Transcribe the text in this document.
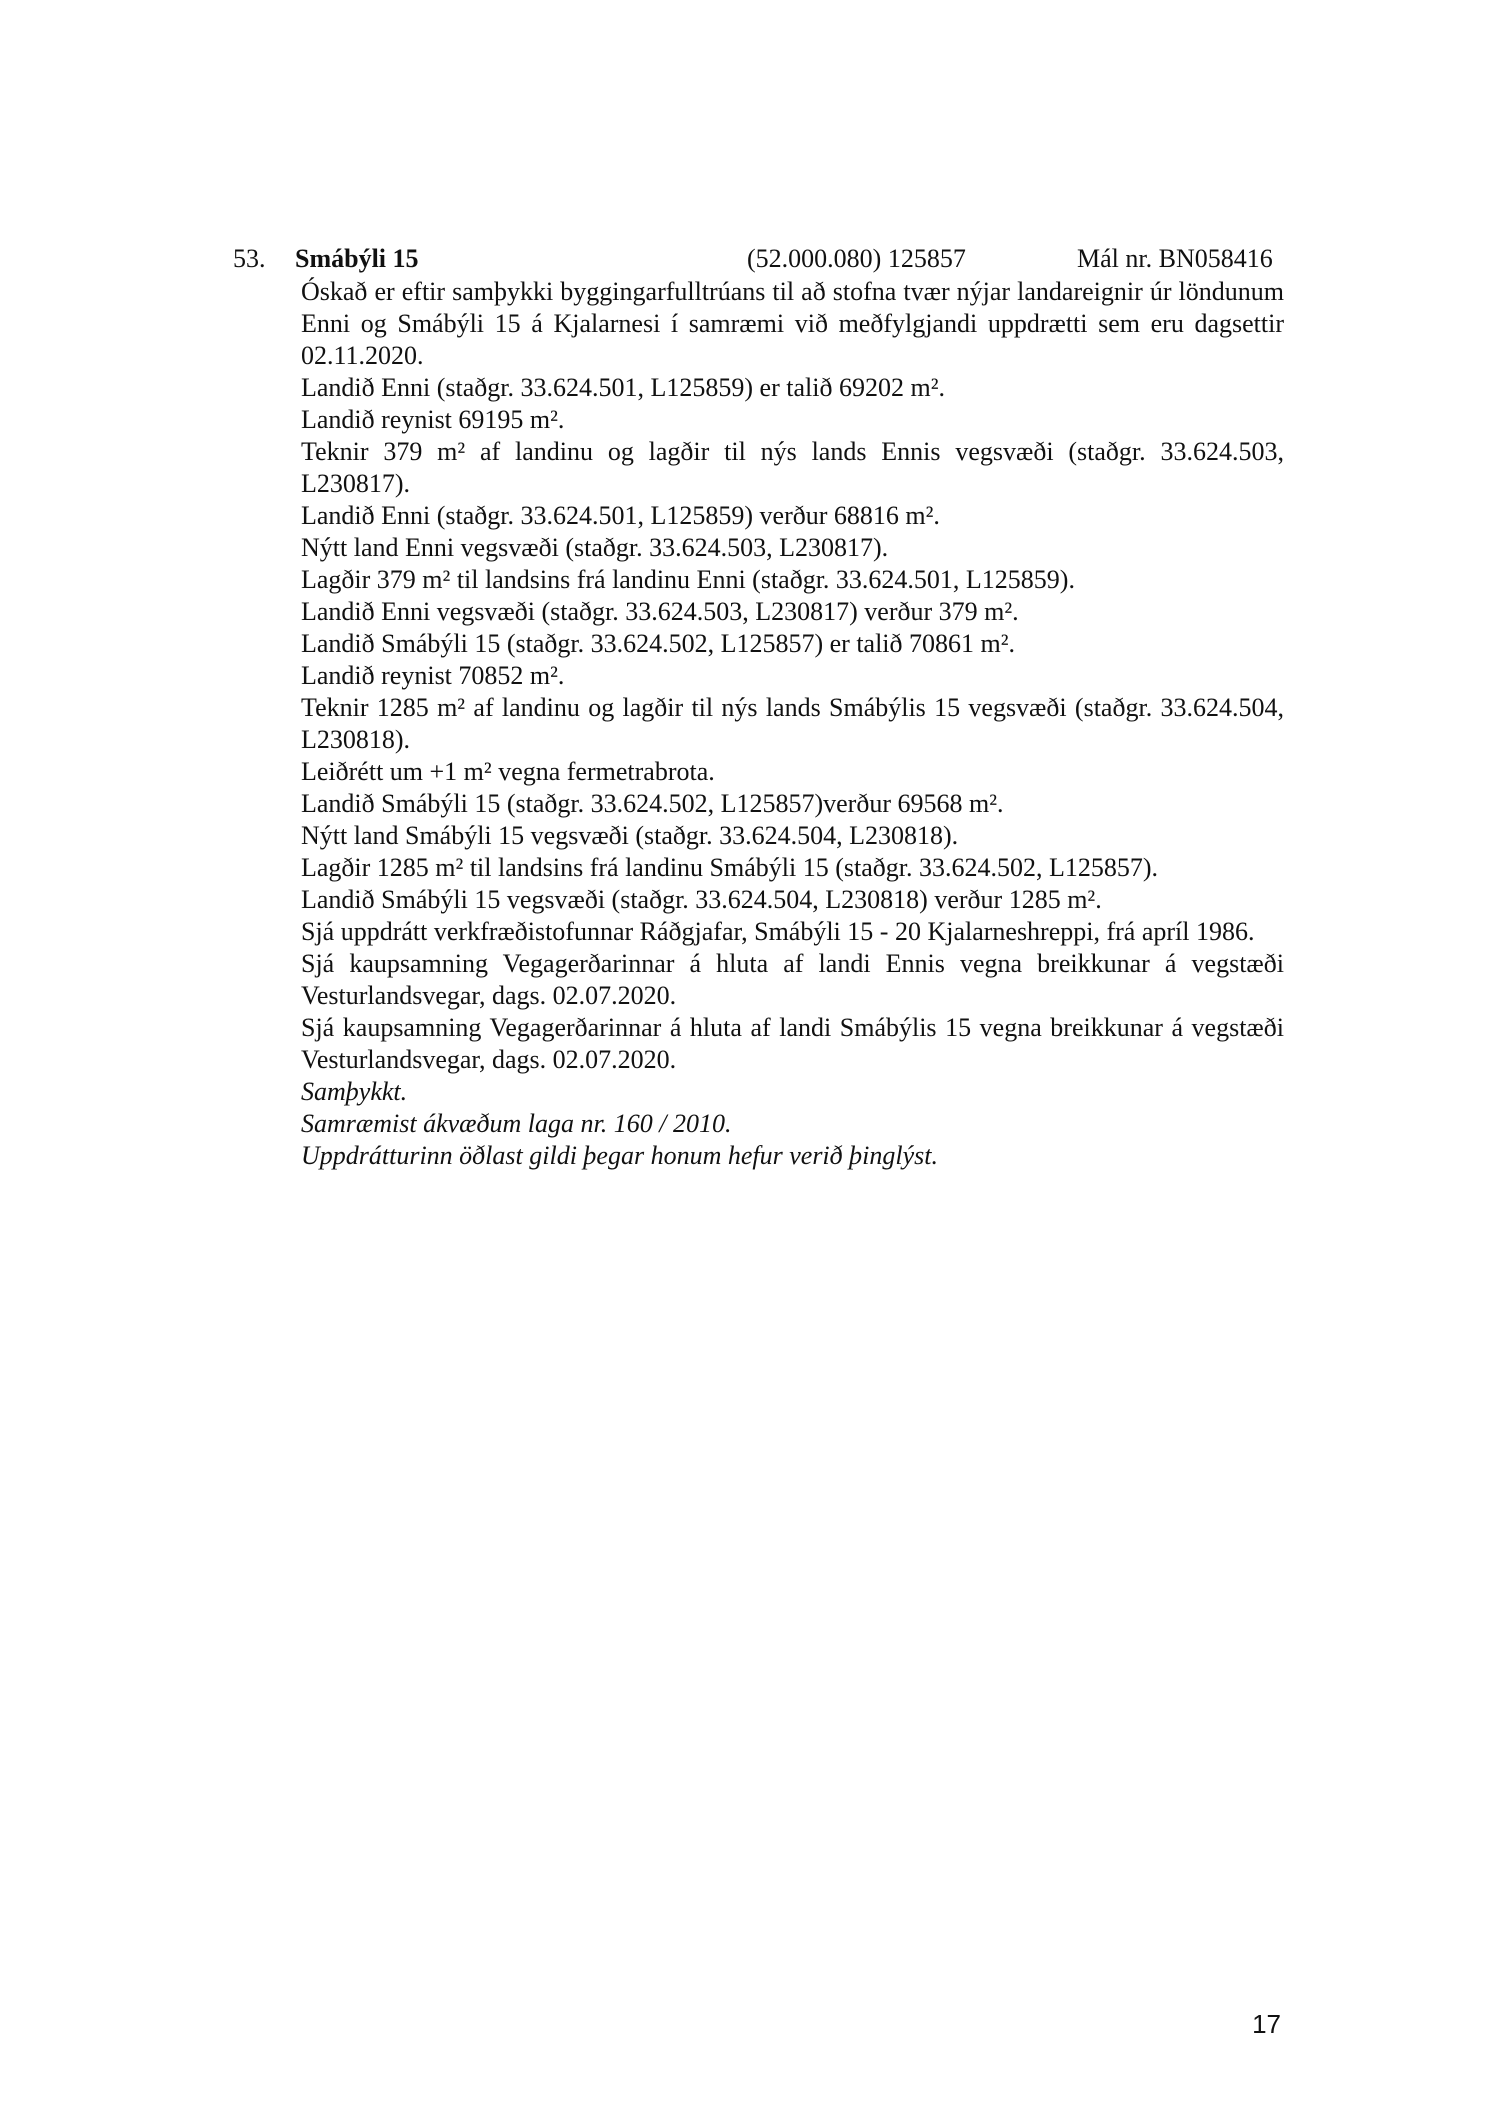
53. Smábýli 15	(52.000.080) 125857	Mál nr. BN058416

Óskað er eftir samþykki byggingarfulltrúans til að stofna tvær nýjar landareignir úr löndunum Enni og Smábýli 15 á Kjalarnesi í samræmi við meðfylgjandi uppdrætti sem eru dagsettir 02.11.2020.

Landið Enni (staðgr. 33.624.501, L125859) er talið 69202 m².

Landið reynist 69195 m².

Teknir 379 m² af landinu og lagðir til nýs lands Ennis vegsvæði (staðgr. 33.624.503, L230817).

Landið Enni (staðgr. 33.624.501, L125859) verður 68816 m².

Nýtt land Enni vegsvæði (staðgr. 33.624.503, L230817).

Lagðir 379 m² til landsins frá landinu Enni (staðgr. 33.624.501, L125859).

Landið Enni vegsvæði (staðgr. 33.624.503, L230817) verður 379 m².

Landið Smábýli 15 (staðgr. 33.624.502, L125857) er talið 70861 m².

Landið reynist 70852 m².

Teknir 1285 m² af landinu og lagðir til nýs lands Smábýlis 15 vegsvæði (staðgr. 33.624.504, L230818).

Leiðrétt um +1 m² vegna fermetrabrota.

Landið Smábýli 15 (staðgr. 33.624.502, L125857)verður 69568 m².

Nýtt land Smábýli 15 vegsvæði (staðgr. 33.624.504, L230818).

Lagðir 1285 m² til landsins frá landinu Smábýli 15 (staðgr. 33.624.502, L125857).

Landið Smábýli 15 vegsvæði (staðgr. 33.624.504, L230818) verður 1285 m².

Sjá uppdrátt verkfræðistofunnar Ráðgjafar, Smábýli 15 - 20 Kjalarneshreppi, frá apríl 1986.

Sjá kaupsamning Vegagerðarinnar á hluta af landi Ennis vegna breikkunar á vegstæði Vesturlandsvegar, dags. 02.07.2020.

Sjá kaupsamning Vegagerðarinnar á hluta af landi Smábýlis 15 vegna breikkunar á vegstæði Vesturlandsvegar, dags. 02.07.2020.

Samþykkt.

Samræmist ákvæðum laga nr. 160 / 2010.

Uppdrátturinn öðlast gildi þegar honum hefur verið þinglýst.

17
